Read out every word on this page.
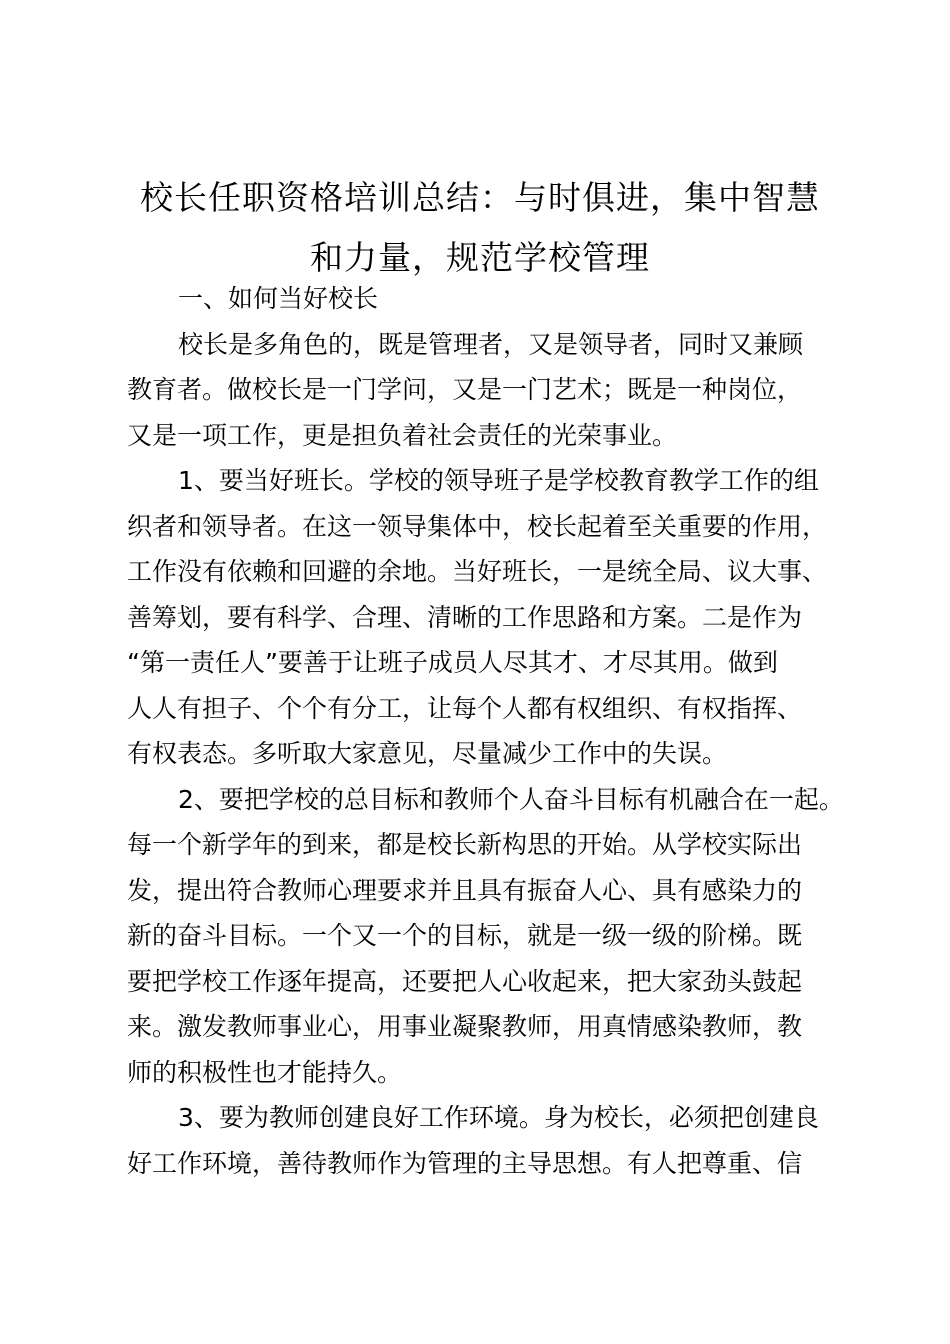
校长任职资格培训总结：与时俱进，集中智慧
和力量，规范学校管理
一、如何当好校长
校长是多角色的，既是管理者，又是领导者，同时又兼顾
教育者。做校长是一门学问，又是一门艺术；既是一种岗位，
又是一项工作，更是担负着社会责任的光荣事业。
1、要当好班长。学校的领导班子是学校教育教学工作的组
织者和领导者。在这一领导集体中，校长起着至关重要的作用，
工作没有依赖和回避的余地。当好班长，一是统全局、议大事、
善筹划，要有科学、合理、清晰的工作思路和方案。二是作为
“第一责任人”要善于让班子成员人尽其才、才尽其用。做到
人人有担子、个个有分工，让每个人都有权组织、有权指挥、
有权表态。多听取大家意见，尽量减少工作中的失误。
2、要把学校的总目标和教师个人奋斗目标有机融合在一起。
每一个新学年的到来，都是校长新构思的开始。从学校实际出
发，提出符合教师心理要求并且具有振奋人心、具有感染力的
新的奋斗目标。一个又一个的目标，就是一级一级的阶梯。既
要把学校工作逐年提高，还要把人心收起来，把大家劲头鼓起
来。激发教师事业心，用事业凝聚教师，用真情感染教师，教
师的积极性也才能持久。
3、要为教师创建良好工作环境。身为校长，必须把创建良
好工作环境，善待教师作为管理的主导思想。有人把尊重、信
